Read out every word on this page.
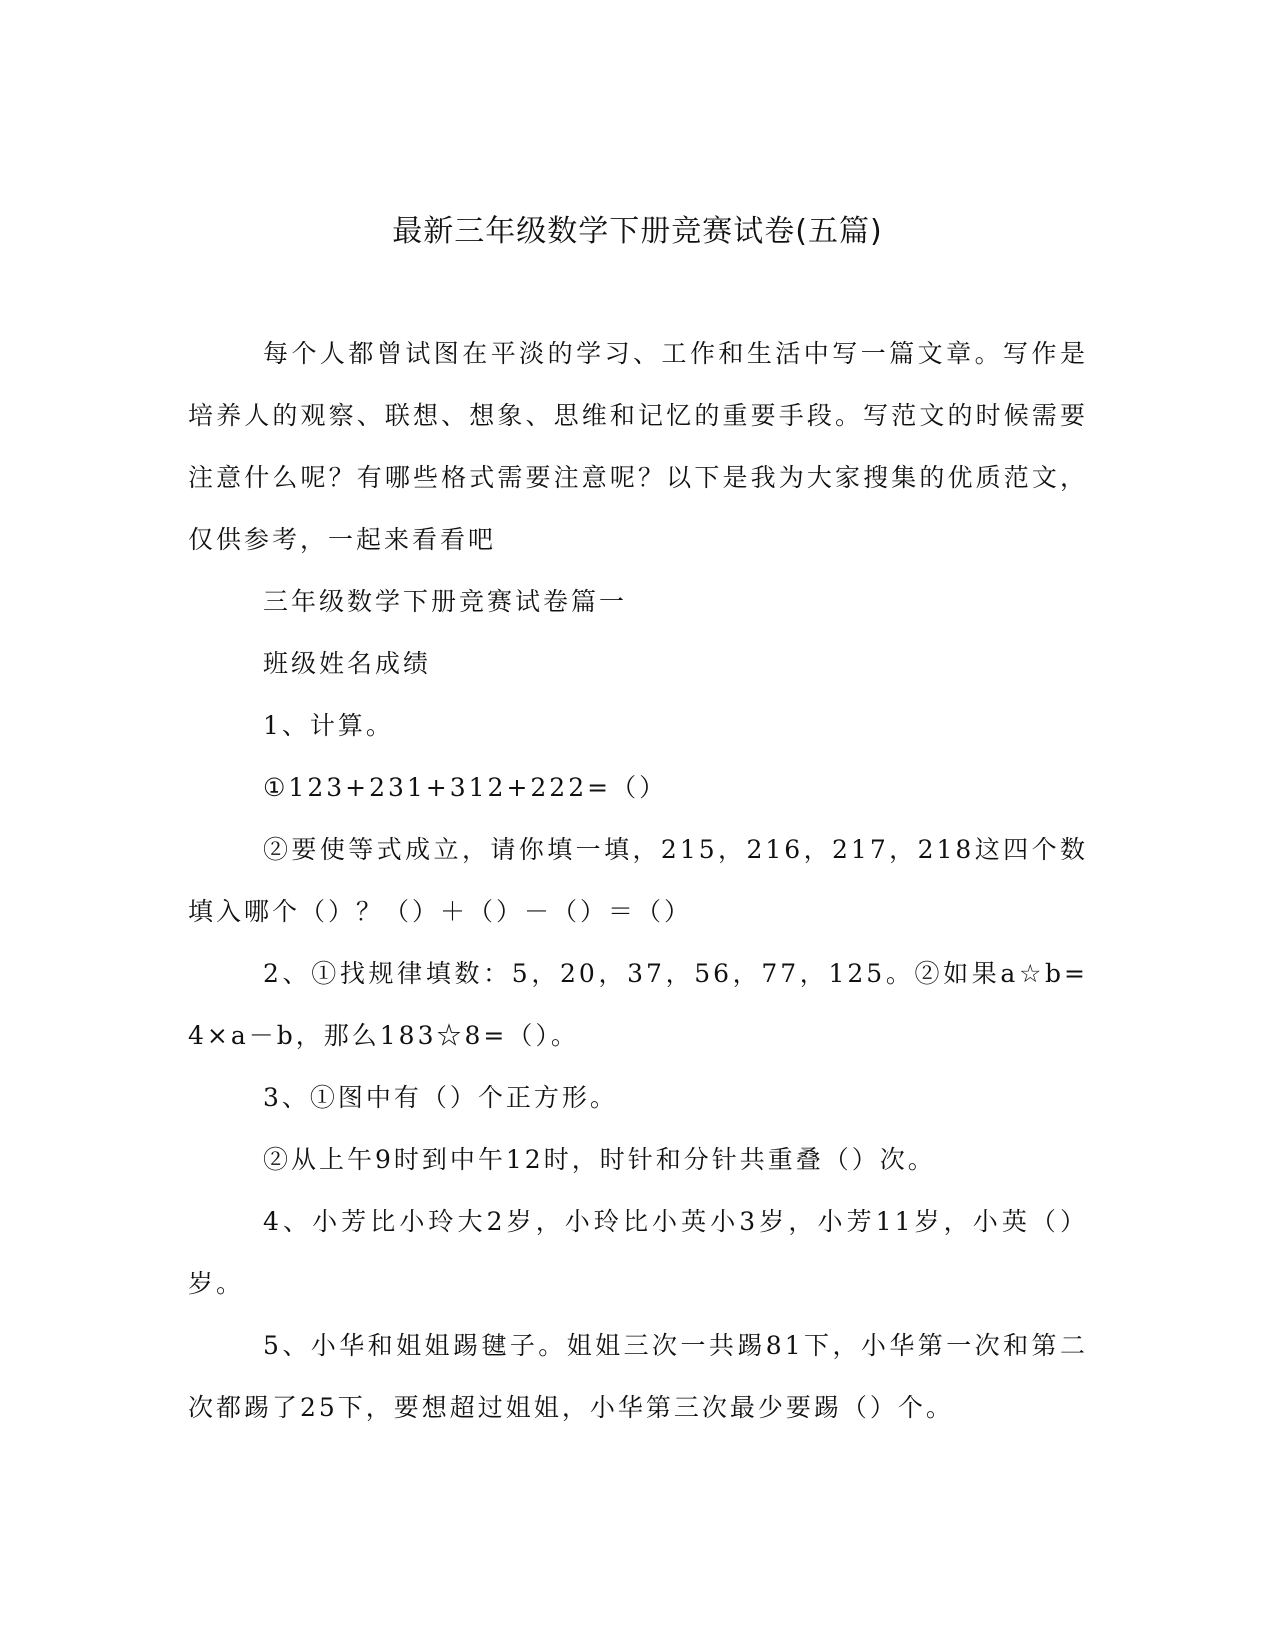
最新三年级数学下册竞赛试卷(五篇)

每个人都曾试图在平淡的学习、工作和生活中写一篇文章。写作是培养人的观察、联想、想象、思维和记忆的重要手段。写范文的时候需要注意什么呢？有哪些格式需要注意呢？以下是我为大家搜集的优质范文，仅供参考，一起来看看吧

三年级数学下册竞赛试卷篇一

班级姓名成绩

1、计算。

①123+231+312+222=（）

②要使等式成立，请你填一填，215，216，217，218这四个数填入哪个（）？（）＋（）－（）＝（）

2、①找规律填数：5，20，37，56，77，125。②如果a☆b=4×a－b，那么183☆8=（）。

3、①图中有（）个正方形。

②从上午9时到中午12时，时针和分针共重叠（）次。

4、小芳比小玲大2岁，小玲比小英小3岁，小芳11岁，小英（）岁。

5、小华和姐姐踢毽子。姐姐三次一共踢81下，小华第一次和第二次都踢了25下，要想超过姐姐，小华第三次最少要踢（）个。
